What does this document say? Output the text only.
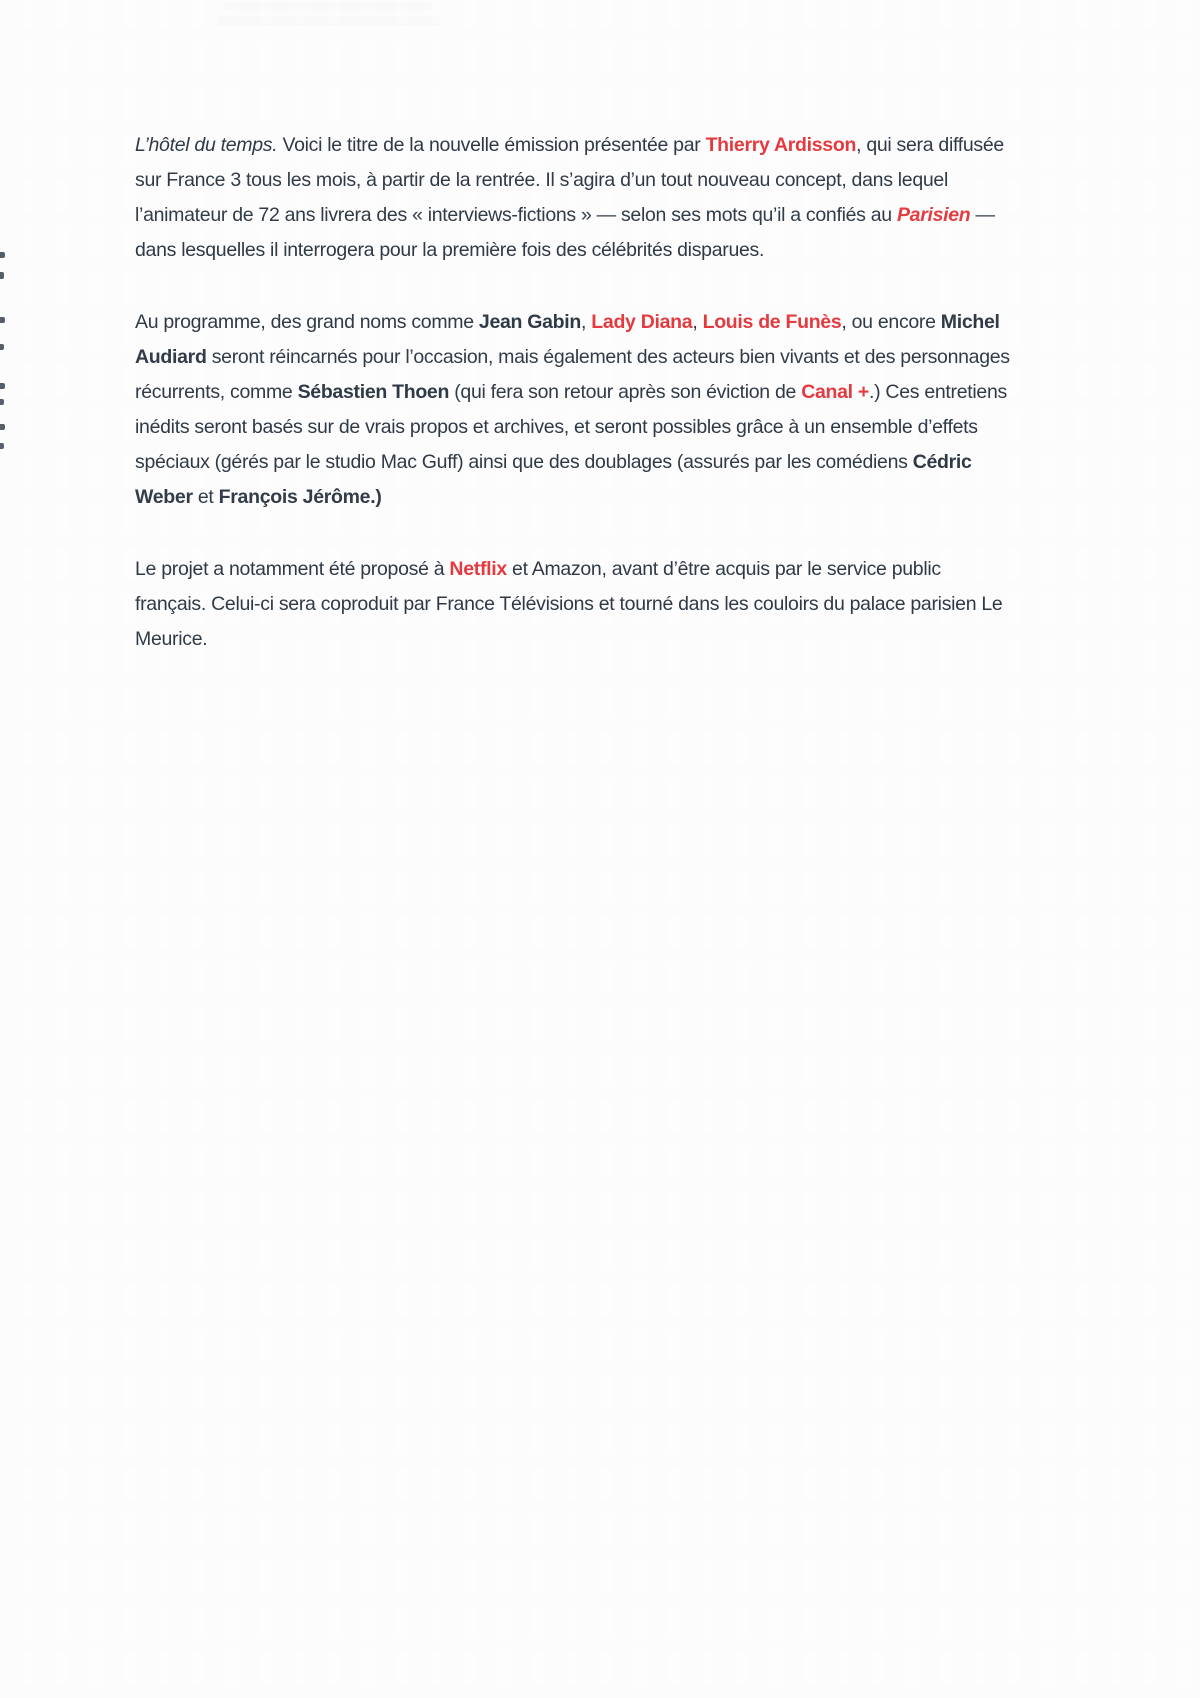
L’hôtel du temps. Voici le titre de la nouvelle émission présentée par Thierry Ardisson, qui sera diffusée sur France 3 tous les mois, à partir de la rentrée. Il s’agira d’un tout nouveau concept, dans lequel l’animateur de 72 ans livrera des « interviews-fictions » — selon ses mots qu’il a confiés au Parisien — dans lesquelles il interrogera pour la première fois des célébrités disparues.

Au programme, des grand noms comme Jean Gabin, Lady Diana, Louis de Funès, ou encore Michel Audiard seront réincarnés pour l’occasion, mais également des acteurs bien vivants et des personnages récurrents, comme Sébastien Thoen (qui fera son retour après son éviction de Canal +.) Ces entretiens inédits seront basés sur de vrais propos et archives, et seront possibles grâce à un ensemble d’effets spéciaux (gérés par le studio Mac Guff) ainsi que des doublages (assurés par les comédiens Cédric Weber et François Jérôme.)

Le projet a notamment été proposé à Netflix et Amazon, avant d’être acquis par le service public français. Celui-ci sera coproduit par France Télévisions et tourné dans les couloirs du palace parisien Le Meurice.
